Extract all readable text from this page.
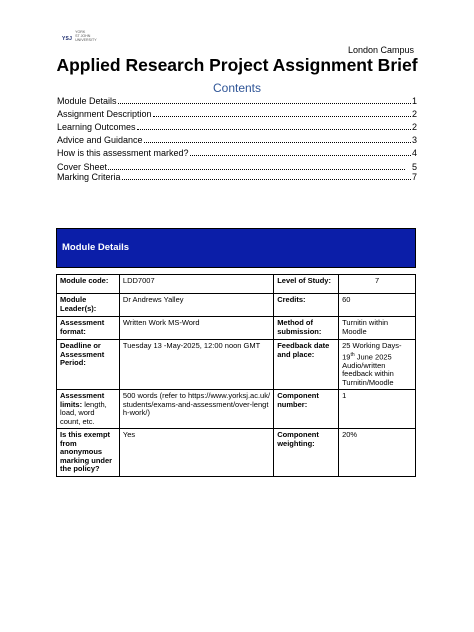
YSJ
YORK
ST JOHN
UNIVERSITY
London Campus
Applied Research Project Assignment Brief
Contents
Module Details	1
Assignment Description	2
Learning Outcomes	2
Advice and Guidance	3
How is this assessment marked?	4
Cover Sheet	5
Marking Criteria	7
Module Details			

Module code:	LDD7007	Level of Study:	7
Module Leader(s):	Dr Andrews Yalley	Credits:	60
Assessment format:	Written Work MS-Word	Method of submission:	Turnitin within Moodle
Deadline or Assessment Period:	Tuesday 13 -May-2025, 12:00 noon GMT	Feedback date and place:	25 Working Days- 19th June 2025 Audio/written feedback within Turnitin/Moodle
Assessment limits: length, load, word count, etc.	500 words (refer to https://www.yorksj.ac.uk/students/exams-and-assessment/over-length-work/)	Component number:	1
Is this exempt from anonymous marking under the policy?	Yes	Component weighting:	20%
